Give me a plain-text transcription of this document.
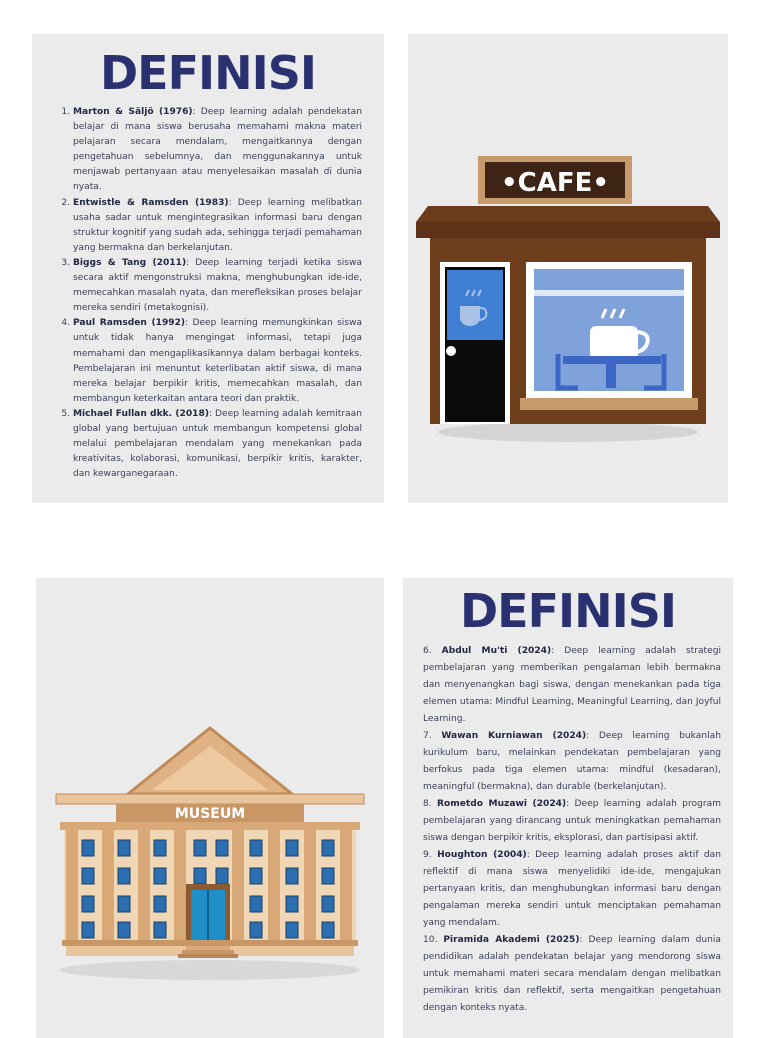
DEFINISI
1. Marton & Säljö (1976): Deep learning adalah pendekatan belajar di mana siswa berusaha memahami makna materi pelajaran secara mendalam, mengaitkannya dengan pengetahuan sebelumnya, dan menggunakannya untuk menjawab pertanyaan atau menyelesaikan masalah di dunia nyata.
2. Entwistle & Ramsden (1983): Deep learning melibatkan usaha sadar untuk mengintegrasikan informasi baru dengan struktur kognitif yang sudah ada, sehingga terjadi pemahaman yang bermakna dan berkelanjutan.
3. Biggs & Tang (2011): Deep learning terjadi ketika siswa secara aktif mengonstruksi makna, menghubungkan ide-ide, memecahkan masalah nyata, dan merefleksikan proses belajar mereka sendiri (metakognisi).
4. Paul Ramsden (1992): Deep learning memungkinkan siswa untuk tidak hanya mengingat informasi, tetapi juga memahami dan mengaplikasikannya dalam berbagai konteks. Pembelajaran ini menuntut keterlibatan aktif siswa, di mana mereka belajar berpikir kritis, memecahkan masalah, dan membangun keterkaitan antara teori dan praktik.
5. Michael Fullan dkk. (2018): Deep learning adalah kemitraan global yang bertujuan untuk membangun kompetensi global melalui pembelajaran mendalam yang menekankan pada kreativitas, kolaborasi, komunikasi, berpikir kritis, karakter, dan kewarganegaraan.
•CAFE•
MUSEUM
DEFINISI

6. Abdul Mu'ti (2024): Deep learning adalah strategi pembelajaran yang memberikan pengalaman lebih bermakna dan menyenangkan bagi siswa, dengan menekankan pada tiga elemen utama: Mindful Learning, Meaningful Learning, dan Joyful Learning.

7. Wawan Kurniawan (2024): Deep learning bukanlah kurikulum baru, melainkan pendekatan pembelajaran yang berfokus pada tiga elemen utama: mindful (kesadaran), meaningful (bermakna), dan durable (berkelanjutan).

8. Rometdo Muzawi (2024): Deep learning adalah program pembelajaran yang dirancang untuk meningkatkan pemahaman siswa dengan berpikir kritis, eksplorasi, dan partisipasi aktif.

9. Houghton (2004): Deep learning adalah proses aktif dan reflektif di mana siswa menyelidiki ide-ide, mengajukan pertanyaan kritis, dan menghubungkan informasi baru dengan pengalaman mereka sendiri untuk menciptakan pemahaman yang mendalam.

10. Piramida Akademi (2025): Deep learning dalam dunia pendidikan adalah pendekatan belajar yang mendorong siswa untuk memahami materi secara mendalam dengan melibatkan pemikiran kritis dan reflektif, serta mengaitkan pengetahuan dengan konteks nyata.
